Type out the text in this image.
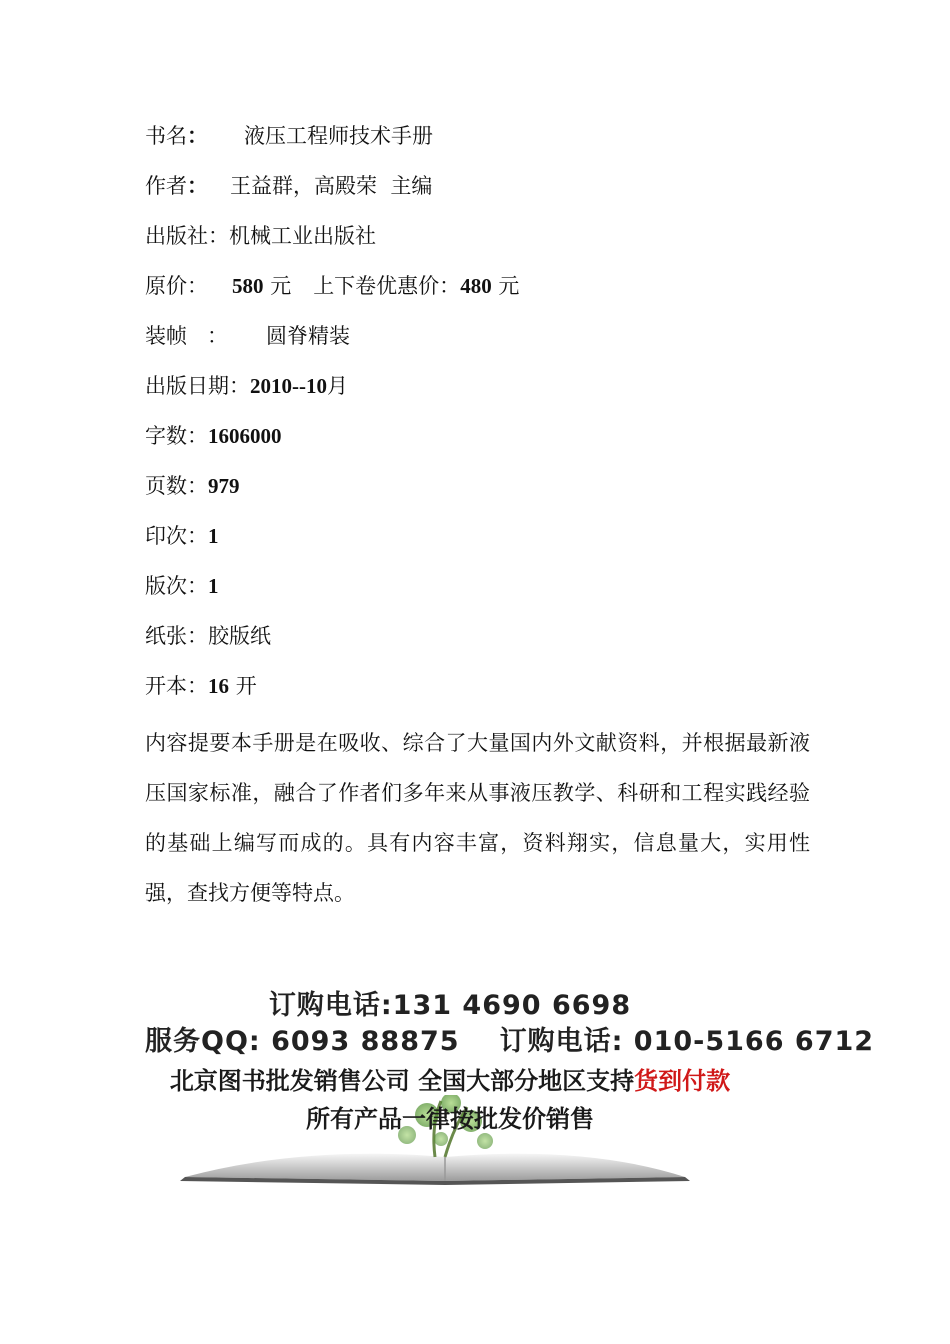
书名： 液压工程师技术手册
作者： 王益群，高殿荣  主编
出版社：机械工业出版社
原价： 580 元 上下卷优惠价：480 元
装帧 ： 圆脊精装
出版日期：2010--10月
字数：1606000
页数：979
印次：1
版次：1
纸张：胶版纸
开本：16 开
内容提要本手册是在吸收、综合了大量国内外文献资料，并根据最新液压国家标准，融合了作者们多年来从事液压教学、科研和工程实践经验的基础上编写而成的。具有内容丰富，资料翔实，信息量大，实用性强，查找方便等特点。
订购电话:131 4690 6698
服务QQ: 6093 88875 订购电话: 010-5166 6712
北京图书批发销售公司 全国大部分地区支持货到付款
所有产品一律按批发价销售
